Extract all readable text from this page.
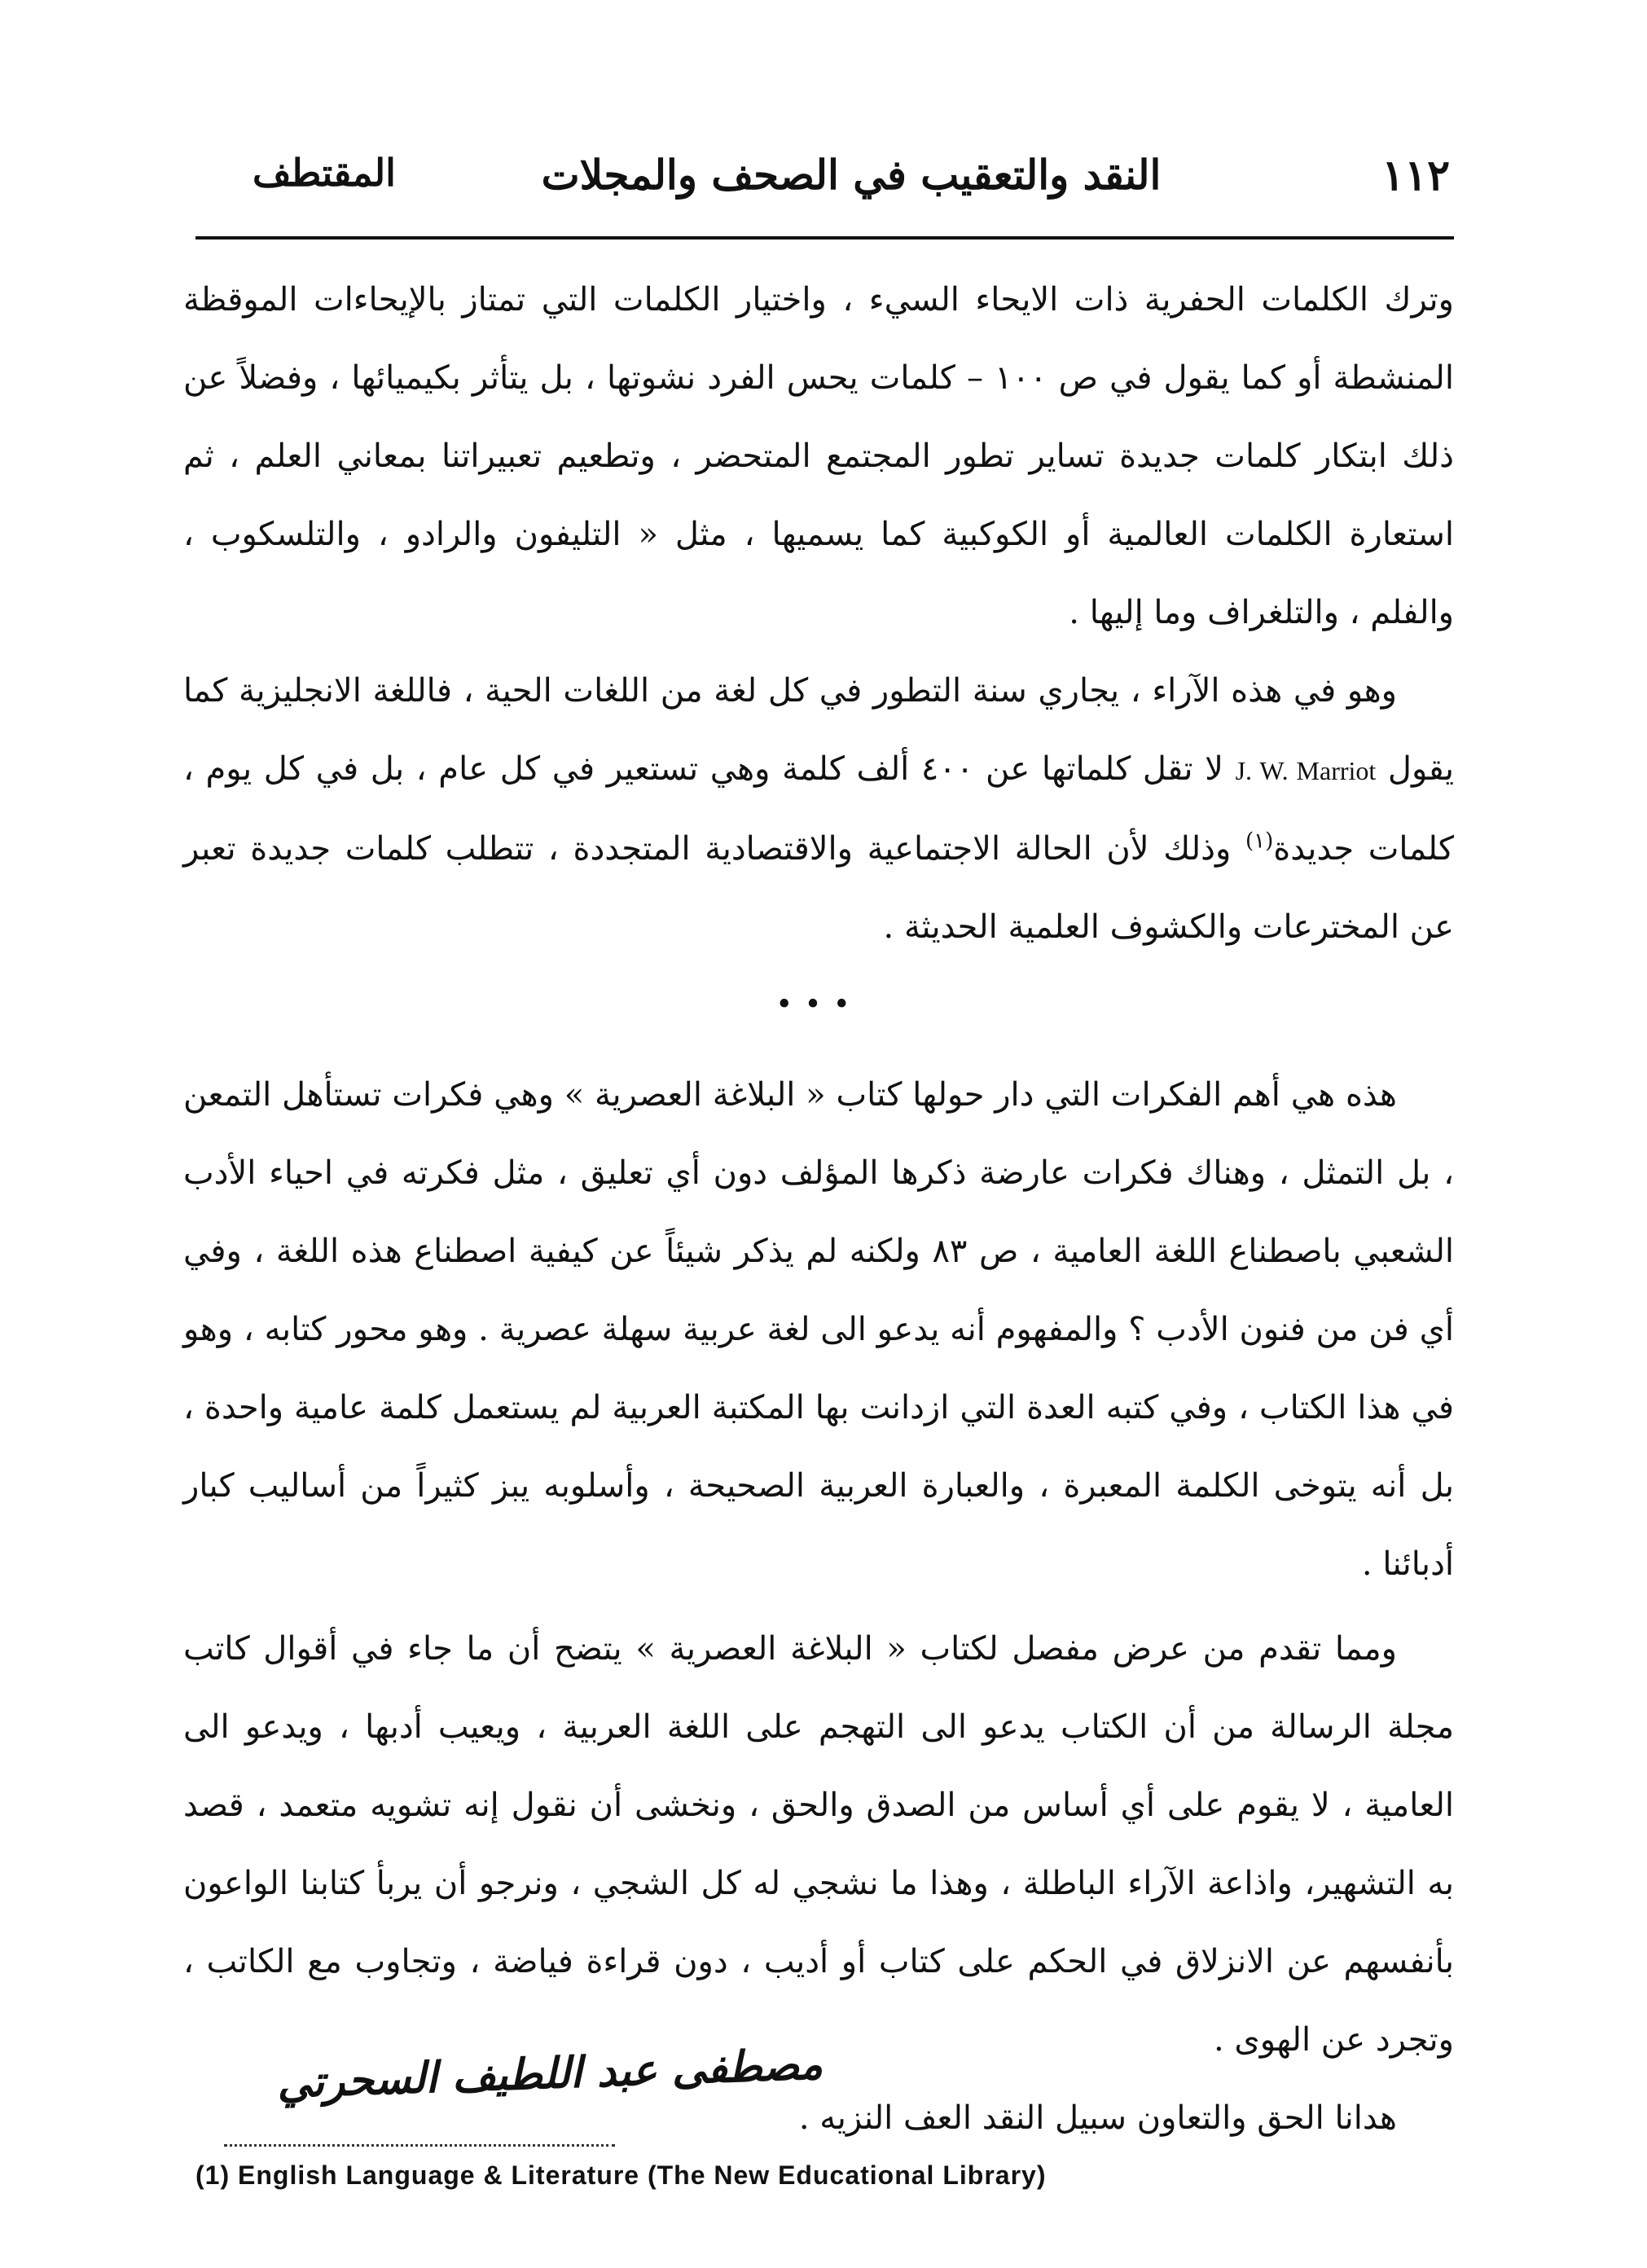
١١٢
النقد والتعقيب في الصحف والمجلات
المقتطف

وترك الكلمات الحفرية ذات الايحاء السيء ، واختيار الكلمات التي تمتاز بالإيحاءات الموقظة المنشطة أو كما يقول في ص ١٠٠ – كلمات يحس الفرد نشوتها ، بل يتأثر بكيميائها ، وفضلاً عن ذلك ابتكار كلمات جديدة تساير تطور المجتمع المتحضر ، وتطعيم تعبيراتنا بمعاني العلم ، ثم استعارة الكلمات العالمية أو الكوكبية كما يسميها ، مثل « التليفون والرادو ، والتلسكوب ، والفلم ، والتلغراف وما إليها .

وهو في هذه الآراء ، يجاري سنة التطور في كل لغة من اللغات الحية ، فاللغة الانجليزية كما يقول J. W. Marriot لا تقل كلماتها عن ٤٠٠ ألف كلمة وهي تستعير في كل عام ، بل في كل يوم ، كلمات جديدة$^{(١)}$ وذلك لأن الحالة الاجتماعية والاقتصادية المتجددة ، تتطلب كلمات جديدة تعبر عن المخترعات والكشوف العلمية الحديثة .

•••

هذه هي أهم الفكرات التي دار حولها كتاب « البلاغة العصرية » وهي فكرات تستأهل التمعن ، بل التمثل ، وهناك فكرات عارضة ذكرها المؤلف دون أي تعليق ، مثل فكرته في احياء الأدب الشعبي باصطناع اللغة العامية ، ص ٨٣ ولكنه لم يذكر شيئاً عن كيفية اصطناع هذه اللغة ، وفي أي فن من فنون الأدب ؟ والمفهوم أنه يدعو الى لغة عربية سهلة عصرية . وهو محور كتابه ، وهو في هذا الكتاب ، وفي كتبه العدة التي ازدانت بها المكتبة العربية لم يستعمل كلمة عامية واحدة ، بل أنه يتوخى الكلمة المعبرة ، والعبارة العربية الصحيحة ، وأسلوبه يبز كثيراً من أساليب كبار أدبائنا .

ومما تقدم من عرض مفصل لكتاب « البلاغة العصرية » يتضح أن ما جاء في أقوال كاتب مجلة الرسالة من أن الكتاب يدعو الى التهجم على اللغة العربية ، ويعيب أدبها ، ويدعو الى العامية ، لا يقوم على أي أساس من الصدق والحق ، ونخشى أن نقول إنه تشويه متعمد ، قصد به التشهير، واذاعة الآراء الباطلة ، وهذا ما نشجي له كل الشجي ، ونرجو أن يربأ كتابنا الواعون بأنفسهم عن الانزلاق في الحكم على كتاب أو أديب ، دون قراءة فياضة ، وتجاوب مع الكاتب ، وتجرد عن الهوى .

هدانا الحق والتعاون سبيل النقد العف النزيه .

مصطفى عبد اللطيف السحرتي
(1) English Language & Literature (The New Educational Library)
